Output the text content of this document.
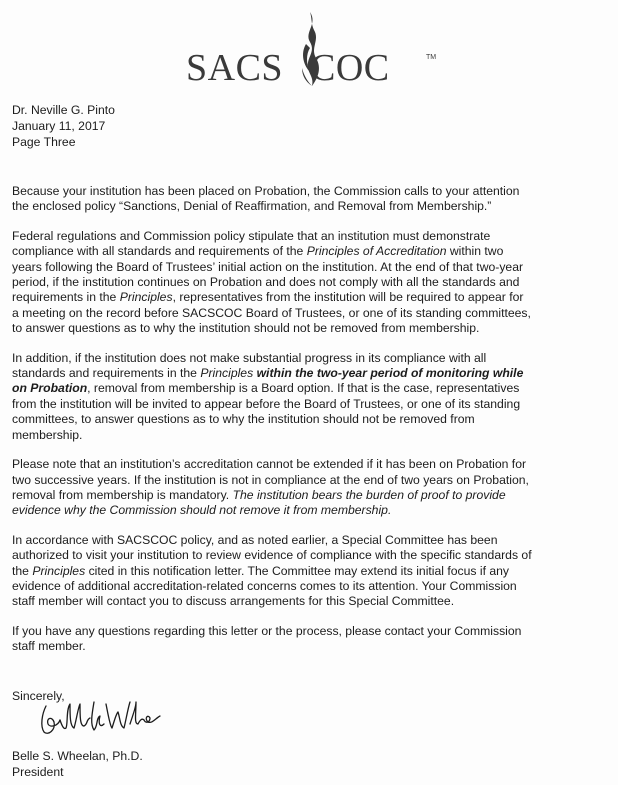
SACS COC	TM
Dr. Neville G. Pinto
January 11, 2017
Page Three

Because your institution has been placed on Probation, the Commission calls to your attention
the enclosed policy “Sanctions, Denial of Reaffirmation, and Removal from Membership.”

Federal regulations and Commission policy stipulate that an institution must demonstrate
compliance with all standards and requirements of the Principles of Accreditation within two
years following the Board of Trustees’ initial action on the institution. At the end of that two-year
period, if the institution continues on Probation and does not comply with all the standards and
requirements in the Principles, representatives from the institution will be required to appear for
a meeting on the record before SACSCOC Board of Trustees, or one of its standing committees,
to answer questions as to why the institution should not be removed from membership.

In addition, if the institution does not make substantial progress in its compliance with all
standards and requirements in the Principles within the two-year period of monitoring while
on Probation, removal from membership is a Board option. If that is the case, representatives
from the institution will be invited to appear before the Board of Trustees, or one of its standing
committees, to answer questions as to why the institution should not be removed from
membership.

Please note that an institution’s accreditation cannot be extended if it has been on Probation for
two successive years. If the institution is not in compliance at the end of two years on Probation,
removal from membership is mandatory. The institution bears the burden of proof to provide
evidence why the Commission should not remove it from membership.

In accordance with SACSCOC policy, and as noted earlier, a Special Committee has been
authorized to visit your institution to review evidence of compliance with the specific standards of
the Principles cited in this notification letter. The Committee may extend its initial focus if any
evidence of additional accreditation-related concerns comes to its attention. Your Commission
staff member will contact you to discuss arrangements for this Special Committee.

If you have any questions regarding this letter or the process, please contact your Commission
staff member.

Sincerely,
Belle S. Wheelan, Ph.D.
President
